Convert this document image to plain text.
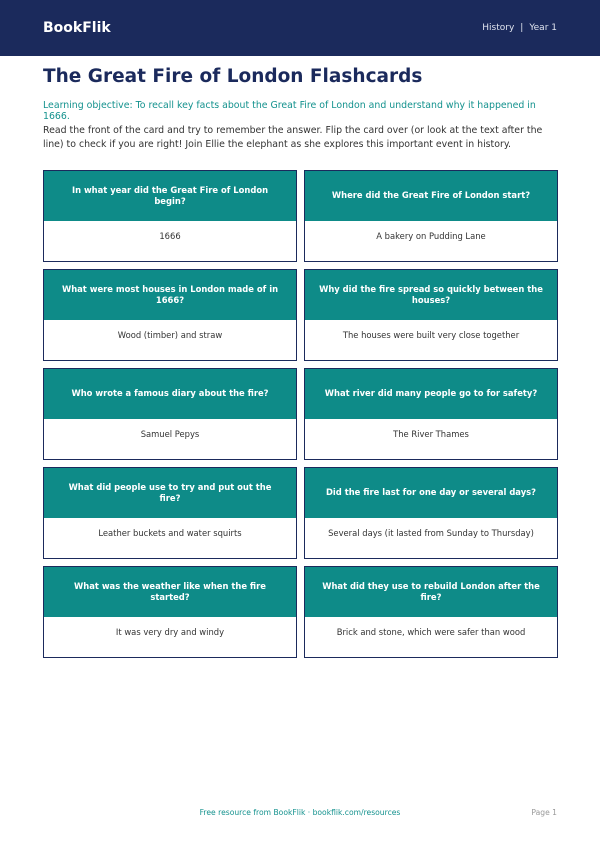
BookFlik	History | Year 1
The Great Fire of London Flashcards

Learning objective: To recall key facts about the Great Fire of London and understand why it happened in 1666.

Read the front of the card and try to remember the answer. Flip the card over (or look at the text after the line) to check if you are right! Join Ellie the elephant as she explores this important event in history.

In what year did the Great Fire of London begin?
1666
Where did the Great Fire of London start?
A bakery on Pudding Lane
What were most houses in London made of in 1666?
Wood (timber) and straw
Why did the fire spread so quickly between the houses?
The houses were built very close together
Who wrote a famous diary about the fire?
Samuel Pepys
What river did many people go to for safety?
The River Thames
What did people use to try and put out the fire?
Leather buckets and water squirts
Did the fire last for one day or several days?
Several days (it lasted from Sunday to Thursday)
What was the weather like when the fire started?
It was very dry and windy
What did they use to rebuild London after the fire?
Brick and stone, which were safer than wood
Free resource from BookFlik · bookflik.com/resources	Page 1
